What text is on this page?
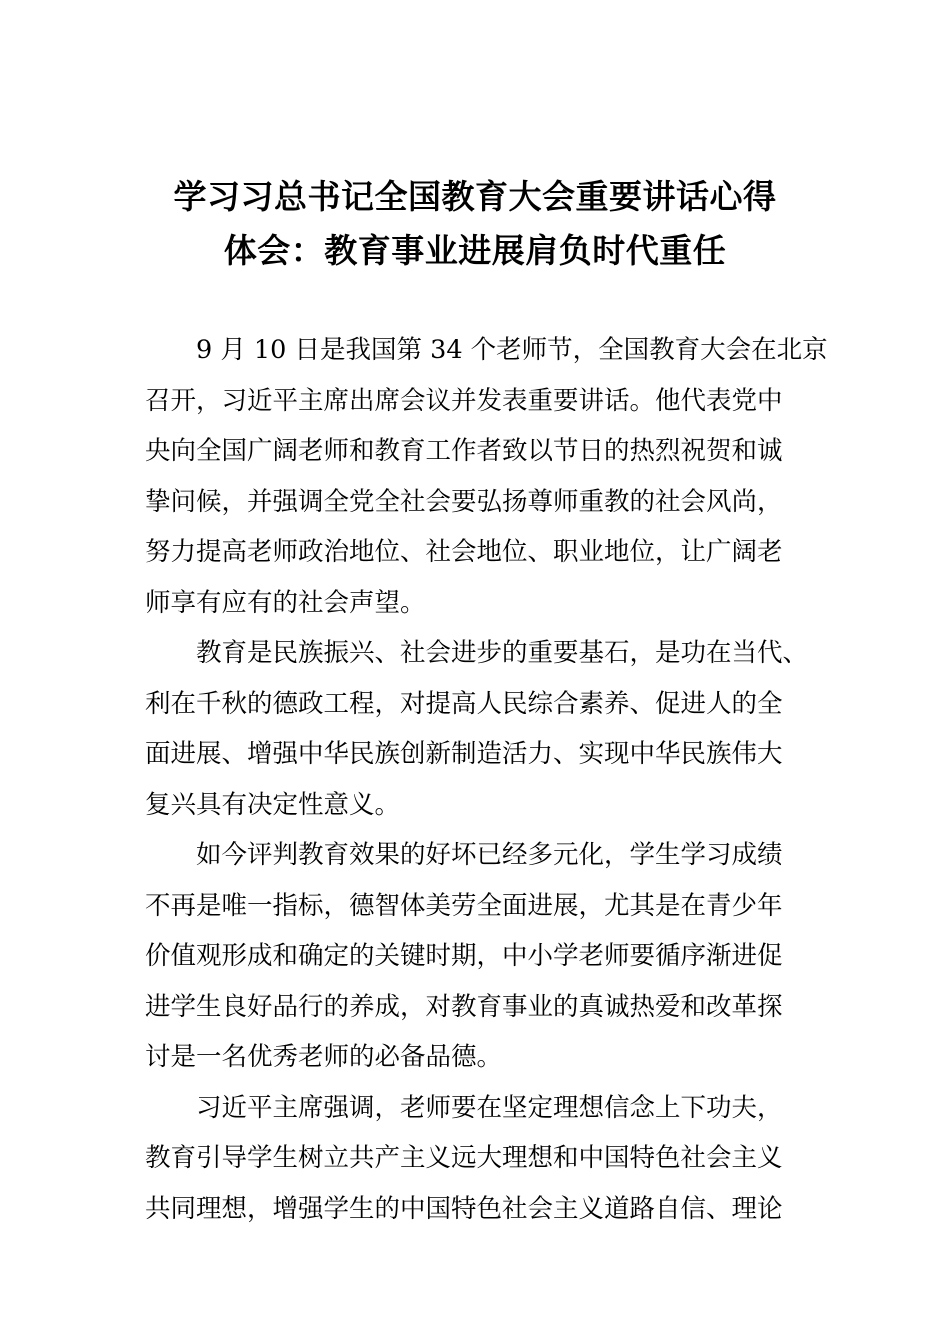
学习习总书记全国教育大会重要讲话心得
体会：教育事业进展肩负时代重任

9 月 10 日是我国第 34 个老师节，全国教育大会在北京
召开，习近平主席出席会议并发表重要讲话。他代表党中
央向全国广阔老师和教育工作者致以节日的热烈祝贺和诚
挚问候，并强调全党全社会要弘扬尊师重教的社会风尚，
努力提高老师政治地位、社会地位、职业地位，让广阔老
师享有应有的社会声望。

教育是民族振兴、社会进步的重要基石，是功在当代、
利在千秋的德政工程，对提高人民综合素养、促进人的全
面进展、增强中华民族创新制造活力、实现中华民族伟大
复兴具有决定性意义。

如今评判教育效果的好坏已经多元化，学生学习成绩
不再是唯一指标，德智体美劳全面进展，尤其是在青少年
价值观形成和确定的关键时期，中小学老师要循序渐进促
进学生良好品行的养成，对教育事业的真诚热爱和改革探
讨是一名优秀老师的必备品德。

习近平主席强调，老师要在坚定理想信念上下功夫，
教育引导学生树立共产主义远大理想和中国特色社会主义
共同理想，增强学生的中国特色社会主义道路自信、理论
